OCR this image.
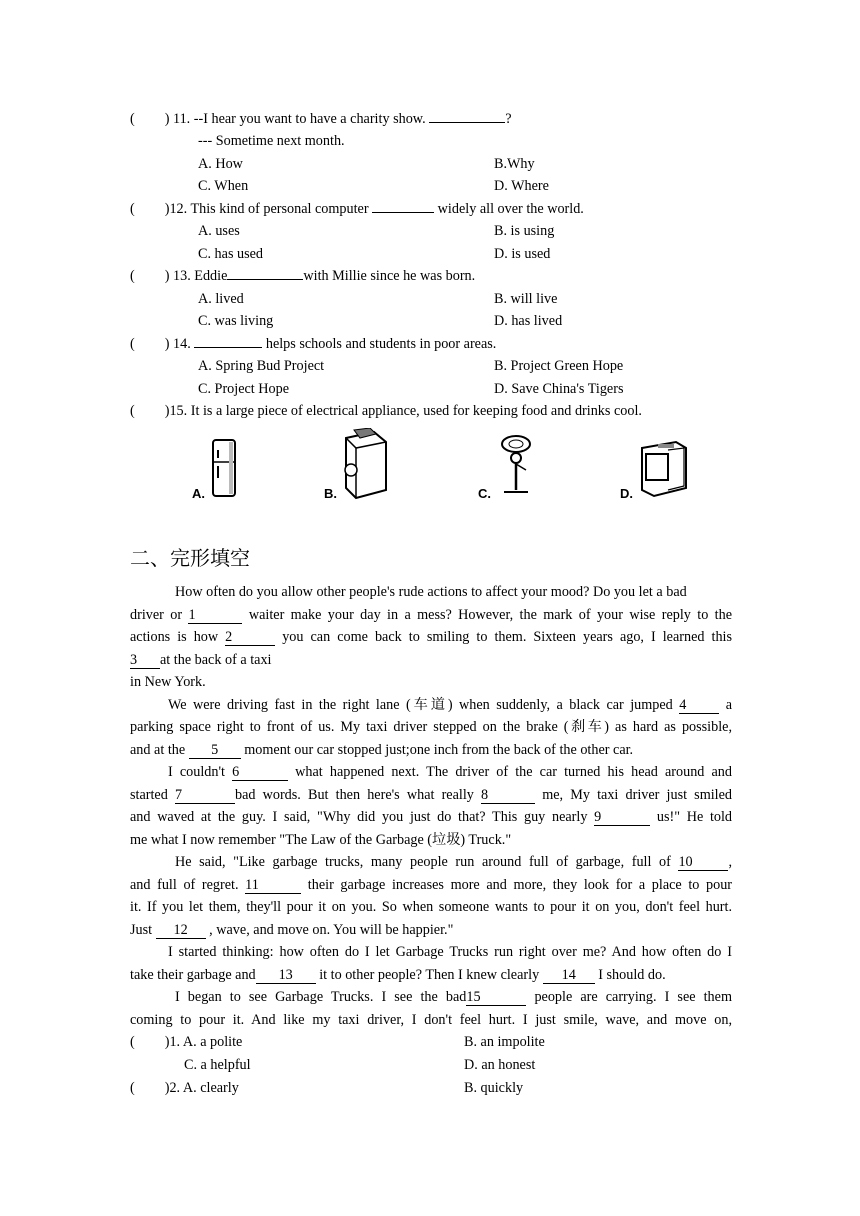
( ) 11. --I hear you want to have a charity show.	?
--- Sometime next month.
A. How	B.Why
C. When	D. Where
( )12. This kind of personal computer	widely all over the world.
A. uses	B. is using
C. has used	D. is used
( ) 13. Eddie	with Millie since he was born.
A. lived	B. will live
C. was living	D. has lived
( ) 14.	helps schools and students in poor areas.
A. Spring Bud Project	B. Project Green Hope
C. Project Hope	D. Save China's Tigers
( )15. It is a large piece of electrical appliance, used for keeping food and drinks cool.
A.	B.	C.	D.
二、完形填空
How often do you allow other people's rude actions to affect your mood? Do you let a bad
driver or 1	waiter make your day in a mess? However, the mark of your wise reply to the
actions is how 2	you can come back to smiling to them. Sixteen years ago, I learned this
3 at the back of a taxi
in New York.
We were driving fast in the right lane (车道) when suddenly, a black car jumped 4	a
parking space right to front of us. My taxi driver stepped on the brake (刹车) as hard as possible,
and at the 5 moment our car stopped just;one inch from the back of the other car.
I couldn't 6	what happened next. The driver of the car turned his head around and
started 7	bad words. But then here's what really 8	me, My taxi driver just smiled
and waved at the guy. I said, "Why did you just do that? This guy nearly 9	us!" He told
me what I now remember "The Law of the Garbage (垃圾) Truck."
He said, "Like garbage trucks, many people run around full of garbage, full of 10	,
and full of regret. 11	their garbage increases more and more, they look for a place to pour
it. If you let them, they'll pour it on you. So when someone wants to pour it on you, don't feel hurt.
Just 12 , wave, and move on. You will be happier."
I started thinking: how often do I let Garbage Trucks run right over me? And how often do I
take their garbage and 13 it to other people? Then I knew clearly 14 I should do.
I began to see Garbage Trucks. I see the bad15	people are carrying. I see them
coming to pour it. And like my taxi driver, I don't feel hurt. I just smile, wave, and move on,
( )1. A. a polite	B. an impolite
C. a helpful	D. an honest
( )2. A. clearly	B. quickly
